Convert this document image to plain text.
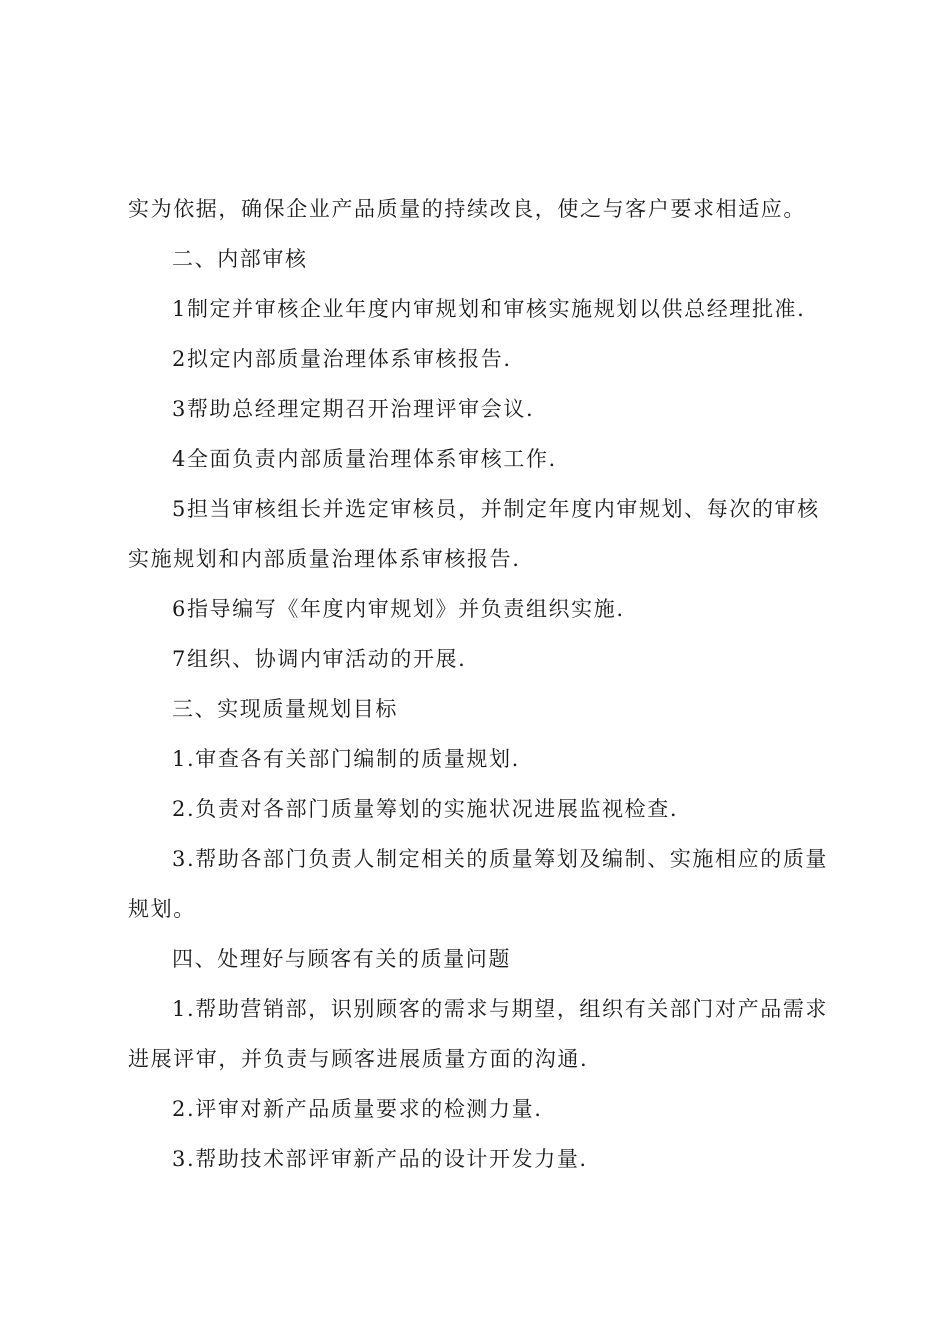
实为依据，确保企业产品质量的持续改良，使之与客户要求相适应。

二、内部审核

1制定并审核企业年度内审规划和审核实施规划以供总经理批准.

2拟定内部质量治理体系审核报告.

3帮助总经理定期召开治理评审会议.

4全面负责内部质量治理体系审核工作.

5担当审核组长并选定审核员，并制定年度内审规划、每次的审核实施规划和内部质量治理体系审核报告.

6指导编写《年度内审规划》并负责组织实施.

7组织、协调内审活动的开展.

三、实现质量规划目标

1.审查各有关部门编制的质量规划.

2.负责对各部门质量筹划的实施状况进展监视检查.

3.帮助各部门负责人制定相关的质量筹划及编制、实施相应的质量规划。

四、处理好与顾客有关的质量问题

1.帮助营销部，识别顾客的需求与期望，组织有关部门对产品需求进展评审，并负责与顾客进展质量方面的沟通.

2.评审对新产品质量要求的检测力量.

3.帮助技术部评审新产品的设计开发力量.
